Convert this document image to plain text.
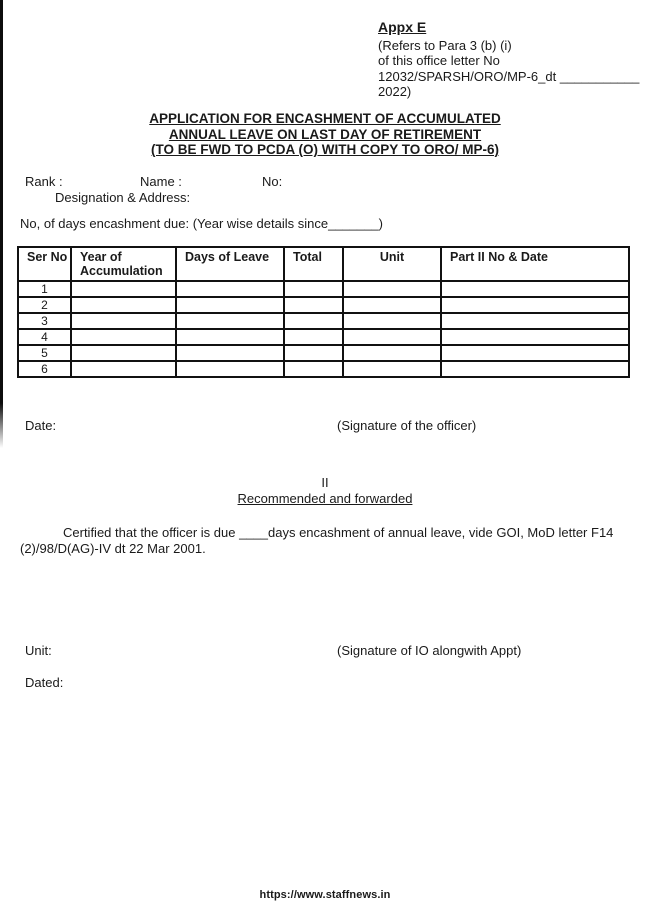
Appx E
(Refers to Para 3 (b) (i)
of this office letter No
12032/SPARSH/ORO/MP-6_dt ___________
2022)
APPLICATION FOR ENCASHMENT OF ACCUMULATED
ANNUAL LEAVE ON LAST DAY OF RETIREMENT
(TO BE FWD TO PCDA (O) WITH COPY TO ORO/ MP-6)
Rank :	Name :	No:
Designation & Address:
No, of days encashment due: (Year wise details since_______)
Ser No	Year of Accumulation	Days of Leave	Total	Unit	Part II No & Date
1					
2					
3					
4					
5					
6					
Date:	(Signature of the officer)
II
Recommended and forwarded
Certified that the officer is due ____days encashment of annual leave, vide GOI, MoD letter F14
(2)/98/D(AG)-IV dt 22 Mar 2001.
Unit:	(Signature of IO alongwith Appt)
Dated:
https://www.staffnews.in
